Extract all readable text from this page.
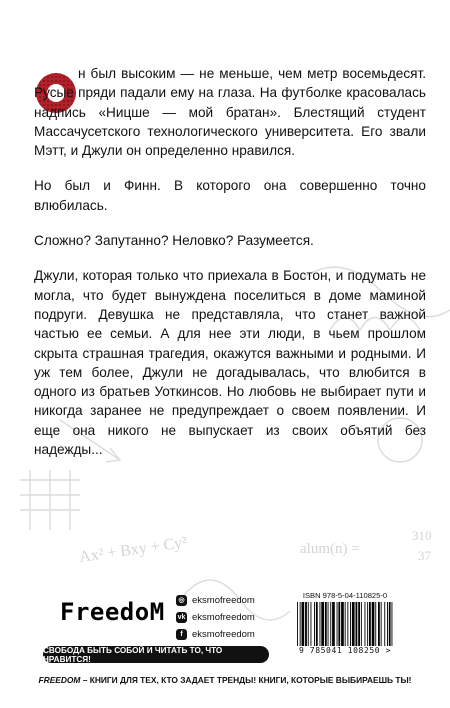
Ax² + Bxy + Cy²	alum(n) =
310
37

н был высоким — не меньше, чем метр восемьдесят. Русые пряди падали ему на глаза. На футболке красовалась надпись «Ницше — мой братан». Блестящий студент Массачусетского технологического университета. Его звали Мэтт, и Джули он определенно нравился.

Но был и Финн. В которого она совершенно точно влюбилась.

Сложно? Запутанно? Неловко? Разумеется.

Джули, которая только что приехала в Бостон, и подумать не могла, что будет вынуждена поселиться в доме маминой подруги. Девушка не представляла, что станет важной частью ее семьи. А для нее эти люди, в чьем прошлом скрыта страшная трагедия, окажутся важными и родными. И уж тем более, Джули не догадывалась, что влюбится в одного из братьев Уоткинсов. Но любовь не выбирает пути и никогда заранее не предупреждает о своем появлении. И еще она никого не выпускает из своих объятий без надежды...

FreedoM	◎ eksmofreedom
vk eksmofreedom
f eksmofreedom
ISBN 978-5-04-110825-0
9 785041 108250 >
СВОБОДА БЫТЬ СОБОЙ И ЧИТАТЬ ТО, ЧТО НРАВИТСЯ!
FREEDOM – КНИГИ ДЛЯ ТЕХ, КТО ЗАДАЕТ ТРЕНДЫ! КНИГИ, КОТОРЫЕ ВЫБИРАЕШЬ ТЫ!
